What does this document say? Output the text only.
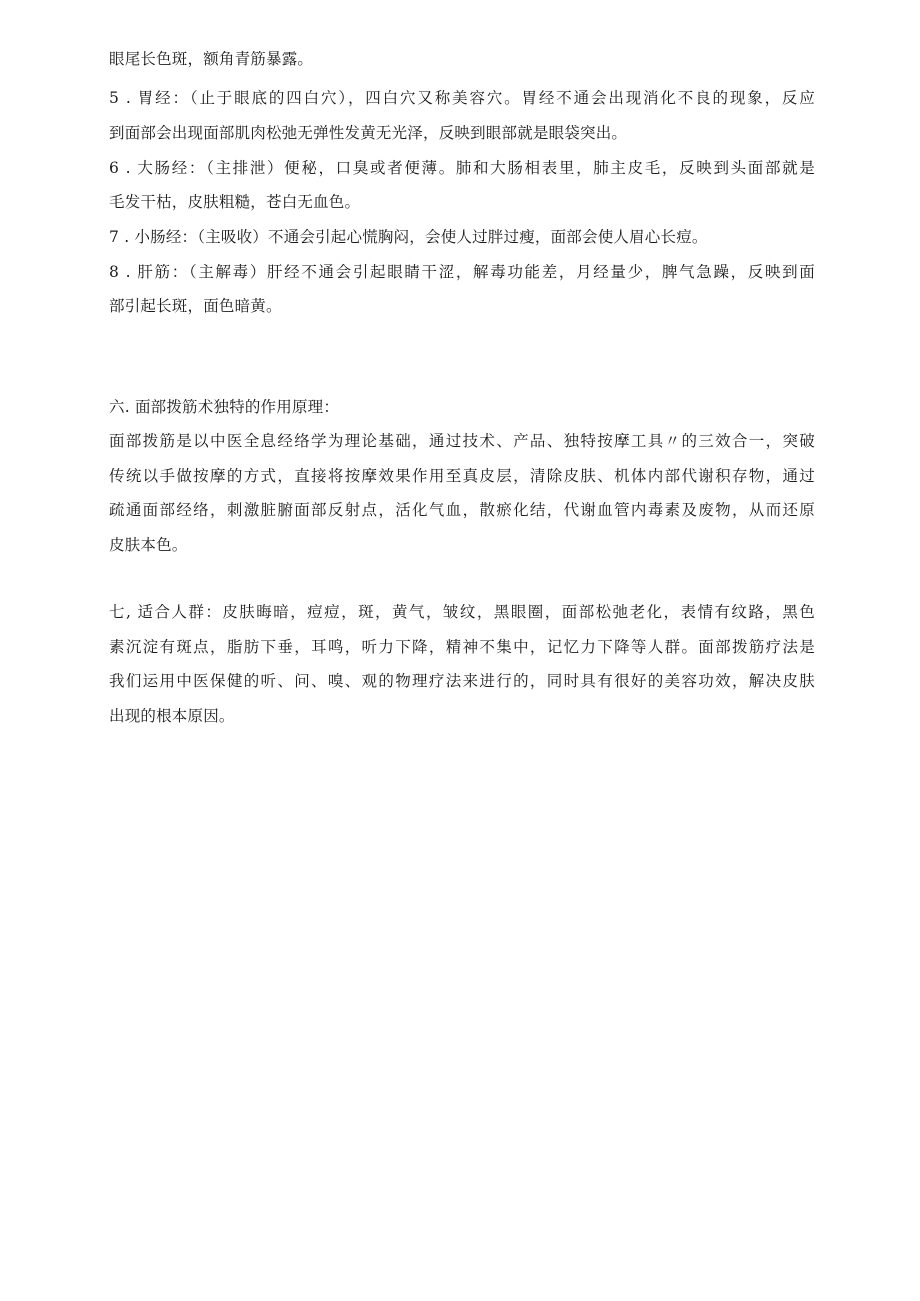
眼尾长色斑，额角青筋暴露。
5 . 胃经：（止于眼底的四白穴），四白穴又称美容穴。胃经不通会出现消化不良的现象，反应
到面部会出现面部肌肉松弛无弹性发黄无光泽，反映到眼部就是眼袋突出。
6 . 大肠经：（主排泄）便秘，口臭或者便薄。肺和大肠相表里，肺主皮毛，反映到头面部就是
毛发干枯，皮肤粗糙，苍白无血色。
7 . 小肠经：（主吸收）不通会引起心慌胸闷，会使人过胖过瘦，面部会使人眉心长痘。
8 . 肝筋：（主解毒）肝经不通会引起眼睛干涩，解毒功能差，月经量少，脾气急躁，反映到面
部引起长斑，面色暗黄。
六. 面部拨筋术独特的作用原理：
面部拨筋是以中医全息经络学为理论基础，通过技术、产品、独特按摩工具〃的三效合一，突破
传统以手做按摩的方式，直接将按摩效果作用至真皮层，清除皮肤、机体内部代谢积存物，通过
疏通面部经络，刺激脏腑面部反射点，活化气血，散瘀化结，代谢血管内毒素及废物，从而还原
皮肤本色。
七, 适合人群：皮肤晦暗，痘痘，斑，黄气，皱纹，黑眼圈，面部松弛老化，表情有纹路，黑色
素沉淀有斑点，脂肪下垂，耳鸣，听力下降，精神不集中，记忆力下降等人群。面部拨筋疗法是
我们运用中医保健的听、问、嗅、观的物理疗法来进行的，同时具有很好的美容功效，解决皮肤
出现的根本原因。
